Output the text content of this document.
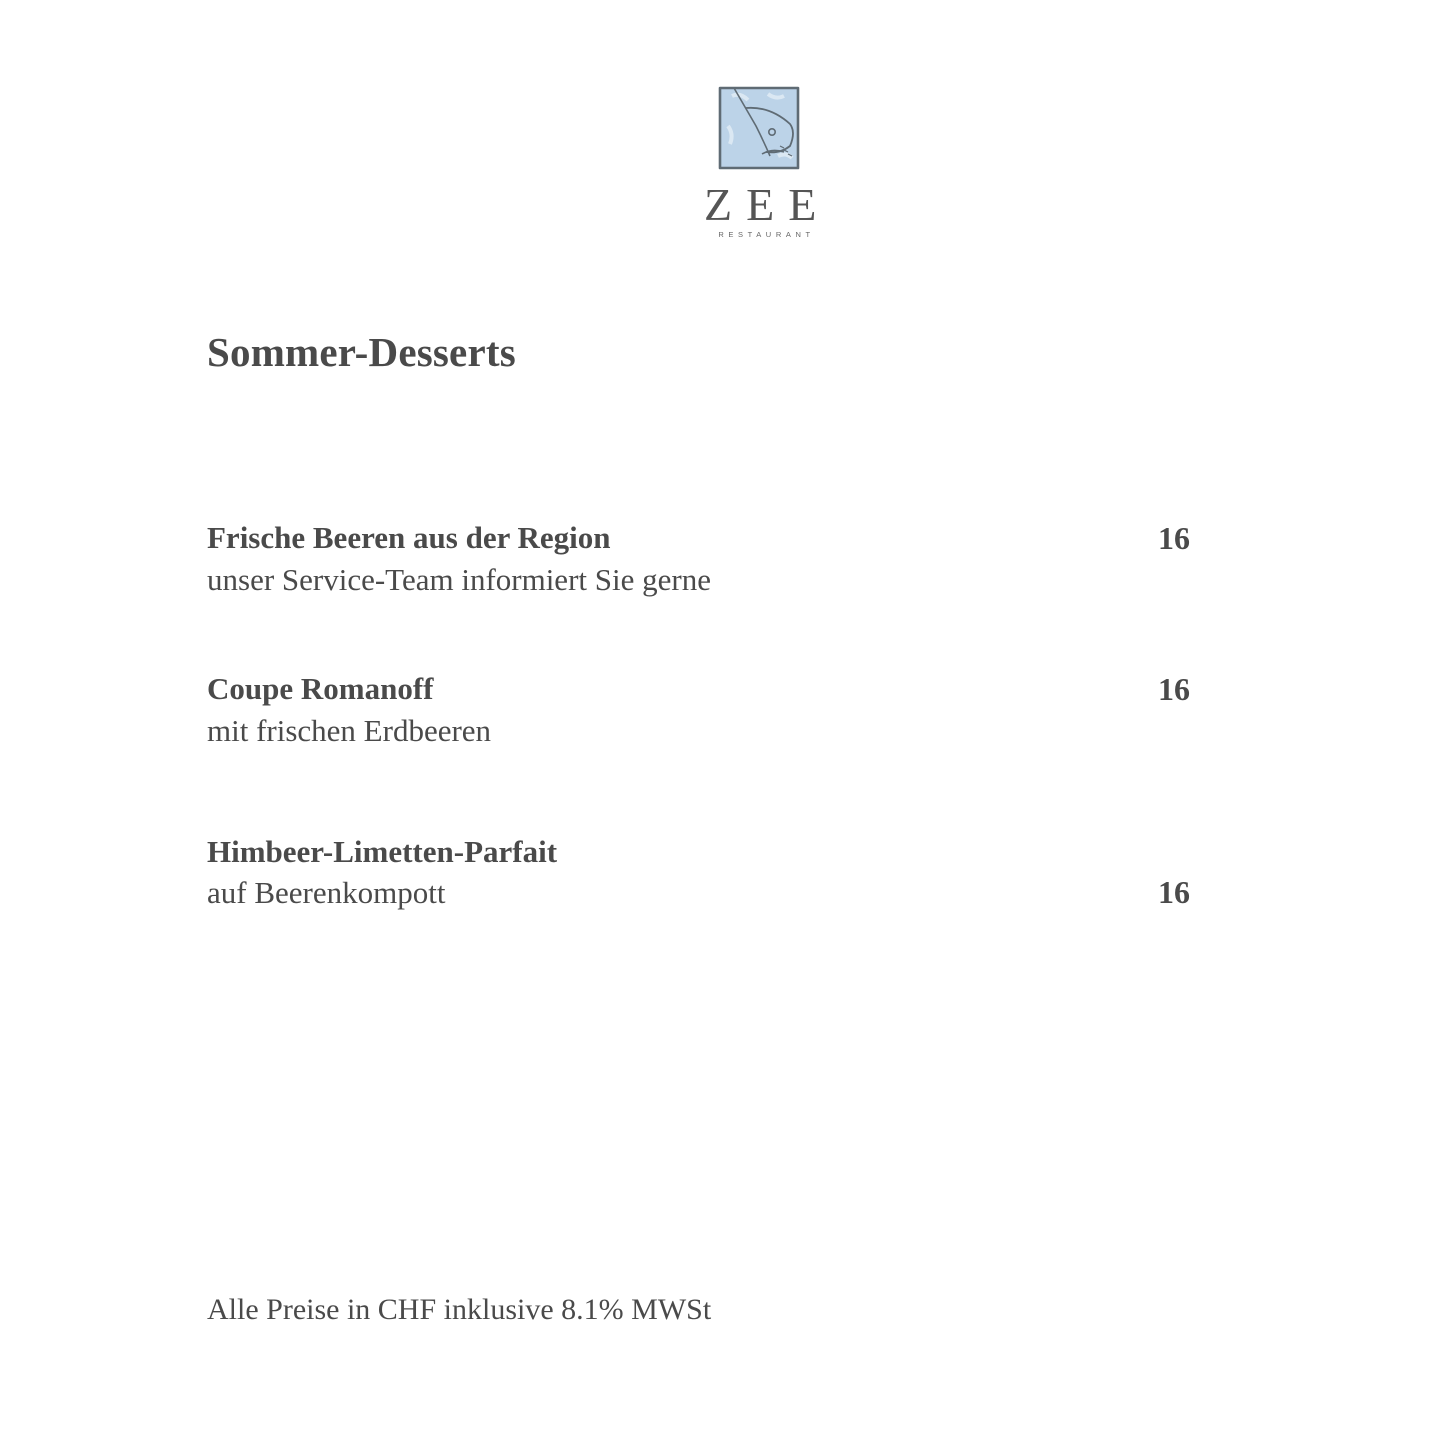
ZEE
RESTAURANT
Sommer-Desserts
Frische Beeren aus der Region	16
unser Service-Team informiert Sie gerne
Coupe Romanoff	16
mit frischen Erdbeeren
Himbeer-Limetten-Parfait
auf Beerenkompott	16
Alle Preise in CHF inklusive 8.1% MWSt
